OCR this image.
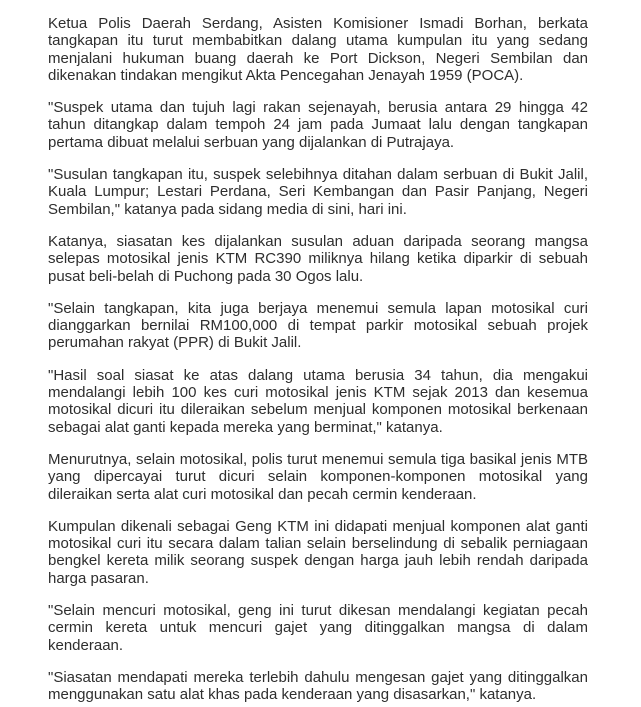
Ketua Polis Daerah Serdang, Asisten Komisioner Ismadi Borhan, berkata tangkapan itu turut membabitkan dalang utama kumpulan itu yang sedang menjalani hukuman buang daerah ke Port Dickson, Negeri Sembilan dan dikenakan tindakan mengikut Akta Pencegahan Jenayah 1959 (POCA).

"Suspek utama dan tujuh lagi rakan sejenayah, berusia antara 29 hingga 42 tahun ditangkap dalam tempoh 24 jam pada Jumaat lalu dengan tangkapan pertama dibuat melalui serbuan yang dijalankan di Putrajaya.

"Susulan tangkapan itu, suspek selebihnya ditahan dalam serbuan di Bukit Jalil, Kuala Lumpur; Lestari Perdana, Seri Kembangan dan Pasir Panjang, Negeri Sembilan," katanya pada sidang media di sini, hari ini.

Katanya, siasatan kes dijalankan susulan aduan daripada seorang mangsa selepas motosikal jenis KTM RC390 miliknya hilang ketika diparkir di sebuah pusat beli-belah di Puchong pada 30 Ogos lalu.

"Selain tangkapan, kita juga berjaya menemui semula lapan motosikal curi dianggarkan bernilai RM100,000 di tempat parkir motosikal sebuah projek perumahan rakyat (PPR) di Bukit Jalil.

"Hasil soal siasat ke atas dalang utama berusia 34 tahun, dia mengakui mendalangi lebih 100 kes curi motosikal jenis KTM sejak 2013 dan kesemua motosikal dicuri itu dileraikan sebelum menjual komponen motosikal berkenaan sebagai alat ganti kepada mereka yang berminat," katanya.

Menurutnya, selain motosikal, polis turut menemui semula tiga basikal jenis MTB yang dipercayai turut dicuri selain komponen-komponen motosikal yang dileraikan serta alat curi motosikal dan pecah cermin kenderaan.

Kumpulan dikenali sebagai Geng KTM ini didapati menjual komponen alat ganti motosikal curi itu secara dalam talian selain berselindung di sebalik perniagaan bengkel kereta milik seorang suspek dengan harga jauh lebih rendah daripada harga pasaran.

"Selain mencuri motosikal, geng ini turut dikesan mendalangi kegiatan pecah cermin kereta untuk mencuri gajet yang ditinggalkan mangsa di dalam kenderaan.

"Siasatan mendapati mereka terlebih dahulu mengesan gajet yang ditinggalkan menggunakan satu alat khas pada kenderaan yang disasarkan," katanya.
